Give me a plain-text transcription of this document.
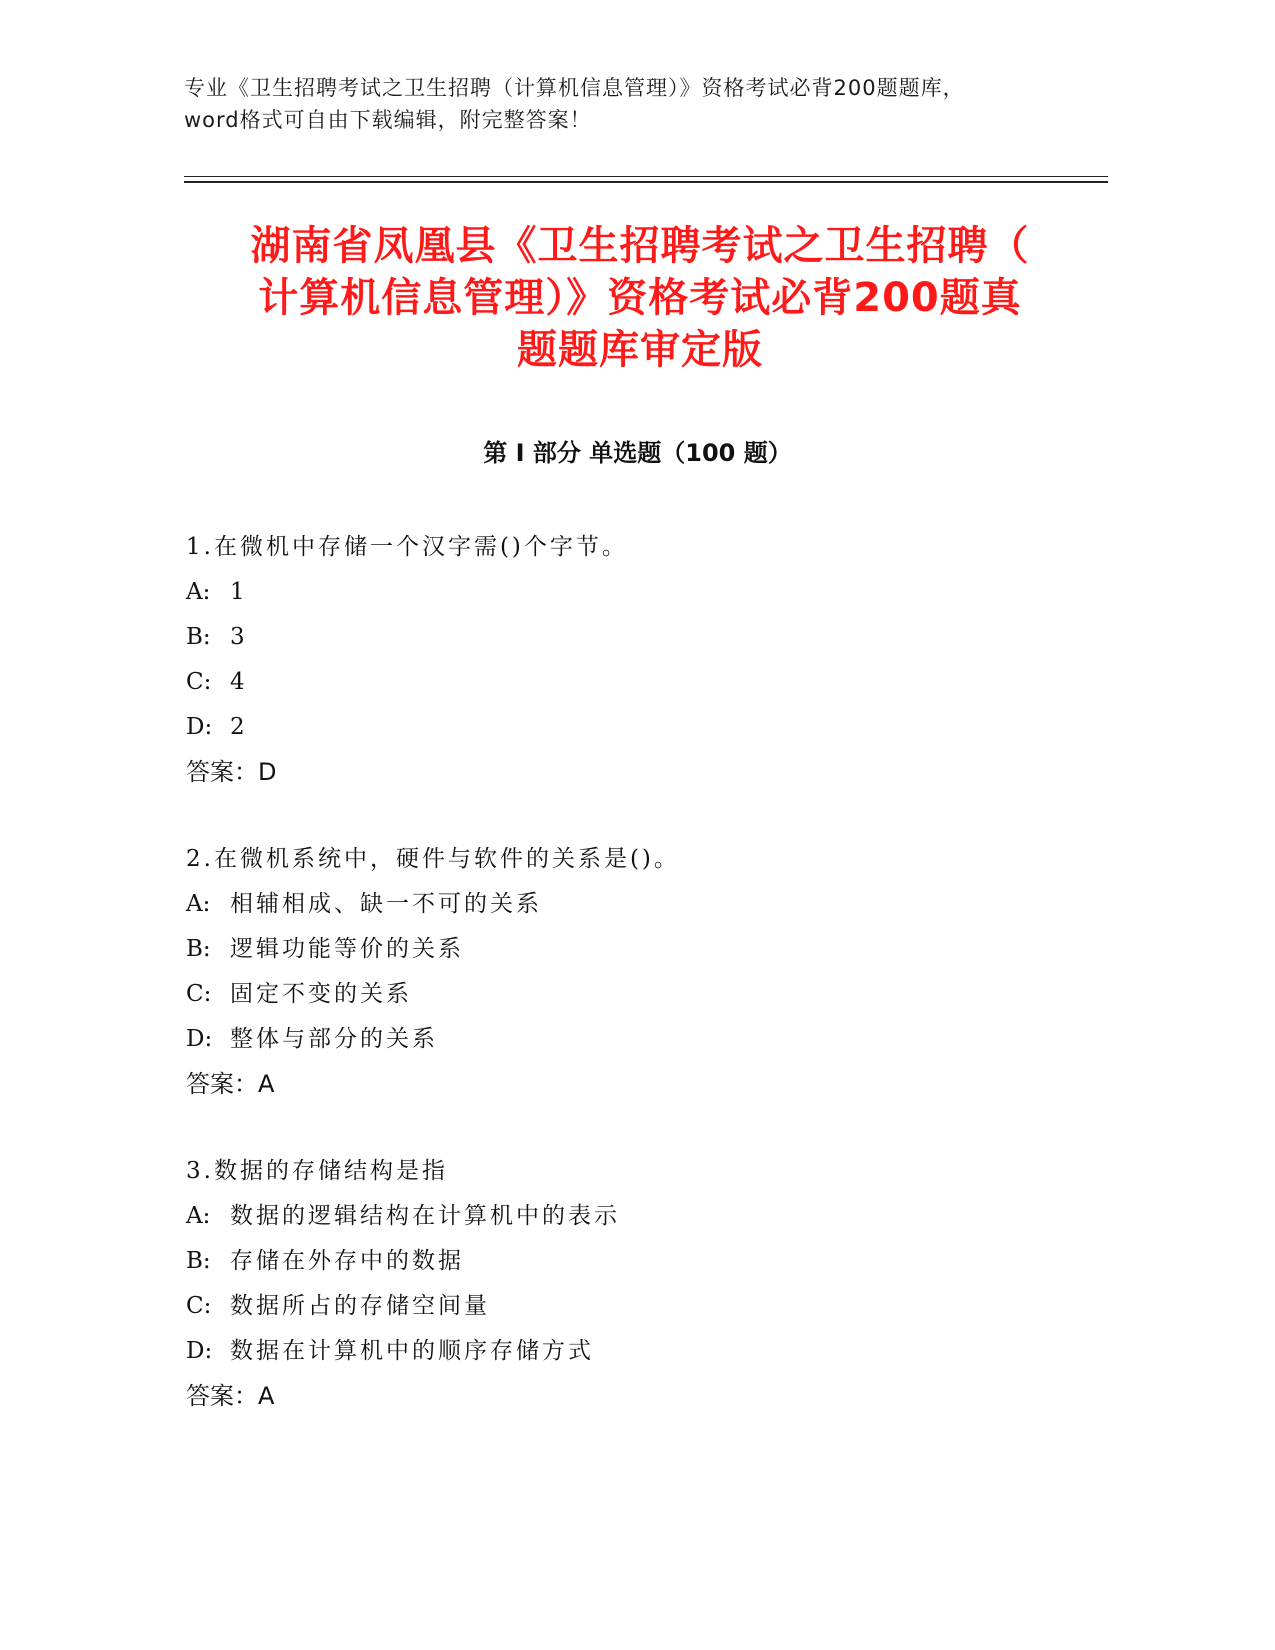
专业《卫生招聘考试之卫生招聘（计算机信息管理）》资格考试必背200题题库，
word格式可自由下载编辑，附完整答案！
湖南省凤凰县《卫生招聘考试之卫生招聘（
计算机信息管理）》资格考试必背200题真
题题库审定版
第 I 部分 单选题（100 题）
1.在微机中存储一个汉字需()个字节。
A: 1
B: 3
C: 4
D: 2
答案：D
2.在微机系统中，硬件与软件的关系是()。
A: 相辅相成、缺一不可的关系
B: 逻辑功能等价的关系
C: 固定不变的关系
D: 整体与部分的关系
答案：A
3.数据的存储结构是指
A: 数据的逻辑结构在计算机中的表示
B: 存储在外存中的数据
C: 数据所占的存储空间量
D: 数据在计算机中的顺序存储方式
答案：A
